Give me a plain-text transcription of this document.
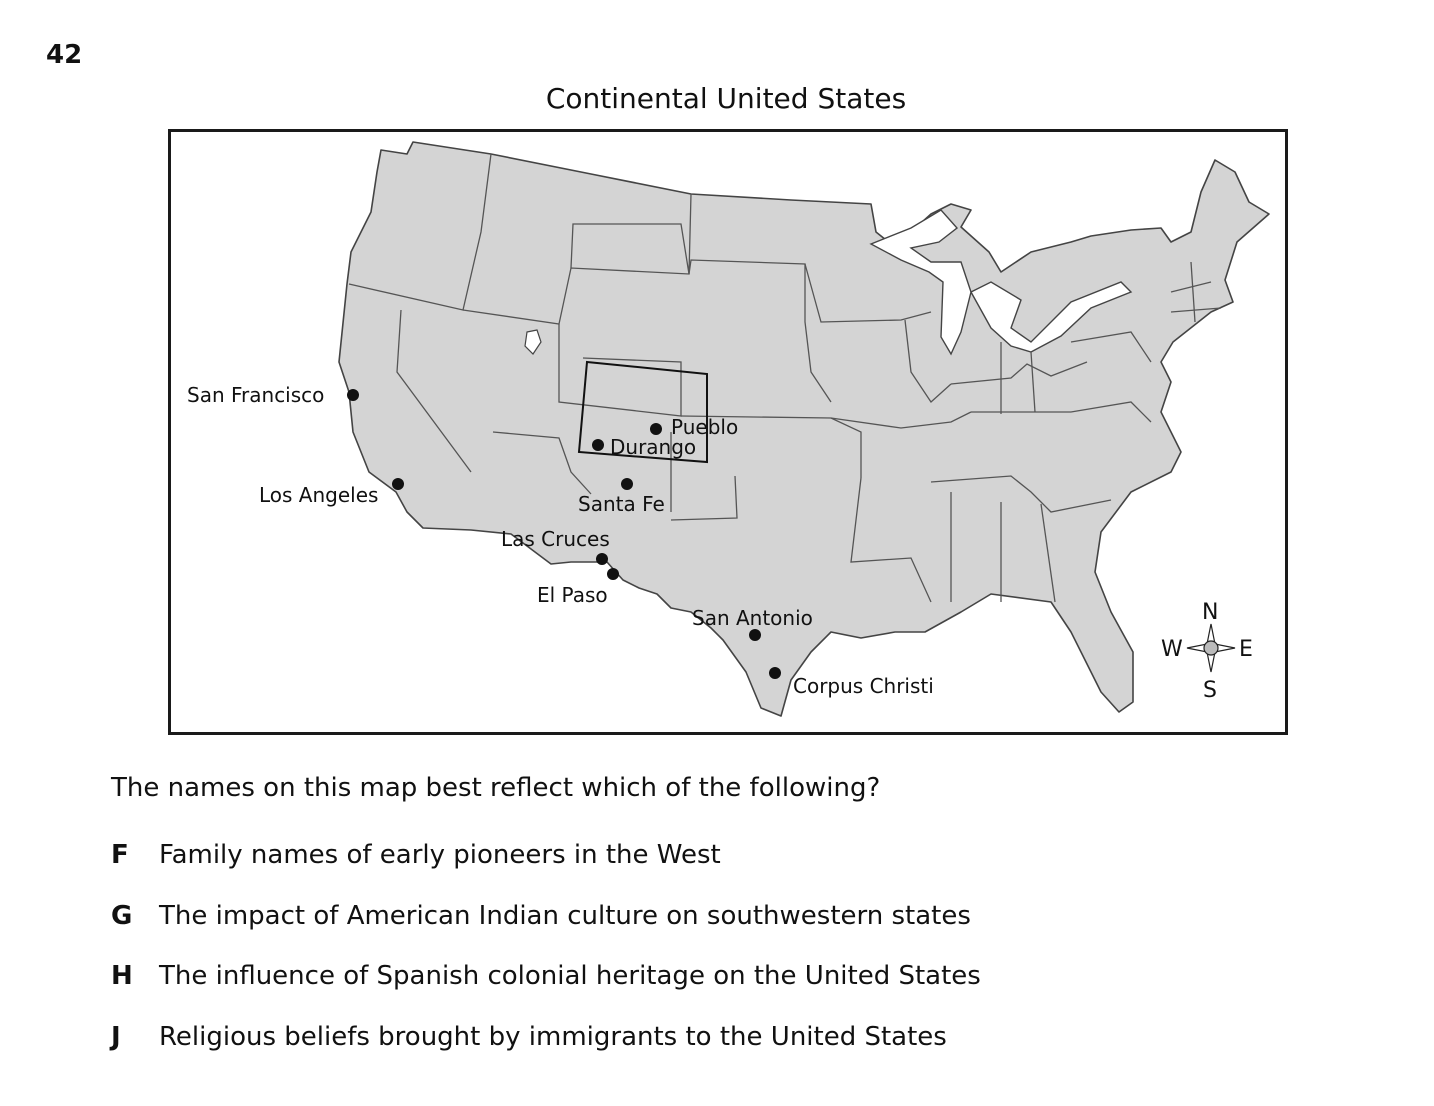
42
Continental United States
San Francisco
Los Angeles
Pueblo
Durango
Santa Fe
Las Cruces
El Paso
San Antonio
Corpus Christi
N
S
W	E
The names on this map best reflect which of the following?
F Family names of early pioneers in the West
G The impact of American Indian culture on southwestern states
H The influence of Spanish colonial heritage on the United States
J Religious beliefs brought by immigrants to the United States
